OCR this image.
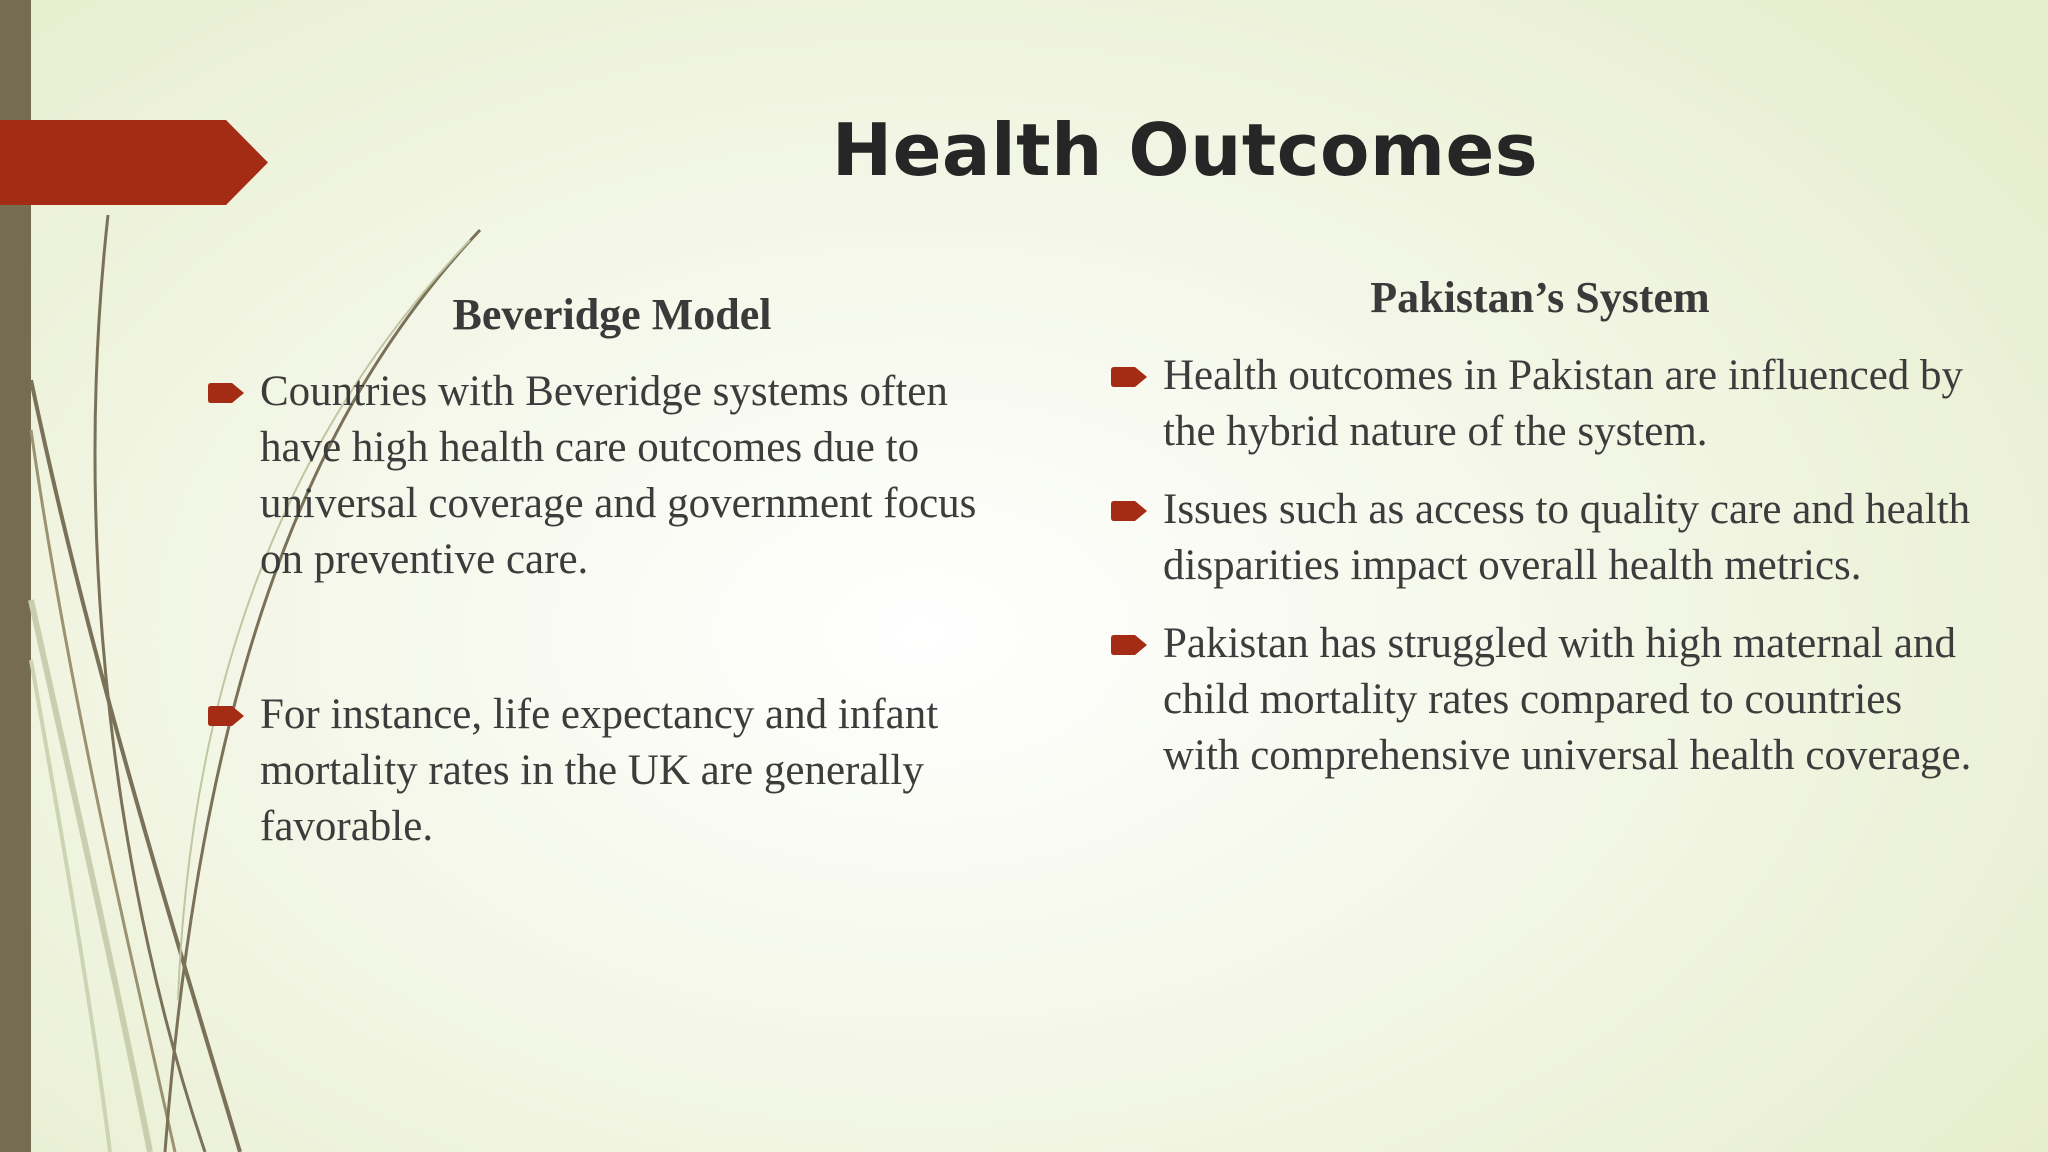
Health Outcomes
Beveridge Model
Countries with Beveridge systems often have high health care outcomes due to universal coverage and government focus on preventive care.
For instance, life expectancy and infant mortality rates in the UK are generally favorable.
Pakistan’s System
Health outcomes in Pakistan are influenced by the hybrid nature of the system.
Issues such as access to quality care and health disparities impact overall health metrics.
Pakistan has struggled with high maternal and child mortality rates compared to countries with comprehensive universal health coverage.
